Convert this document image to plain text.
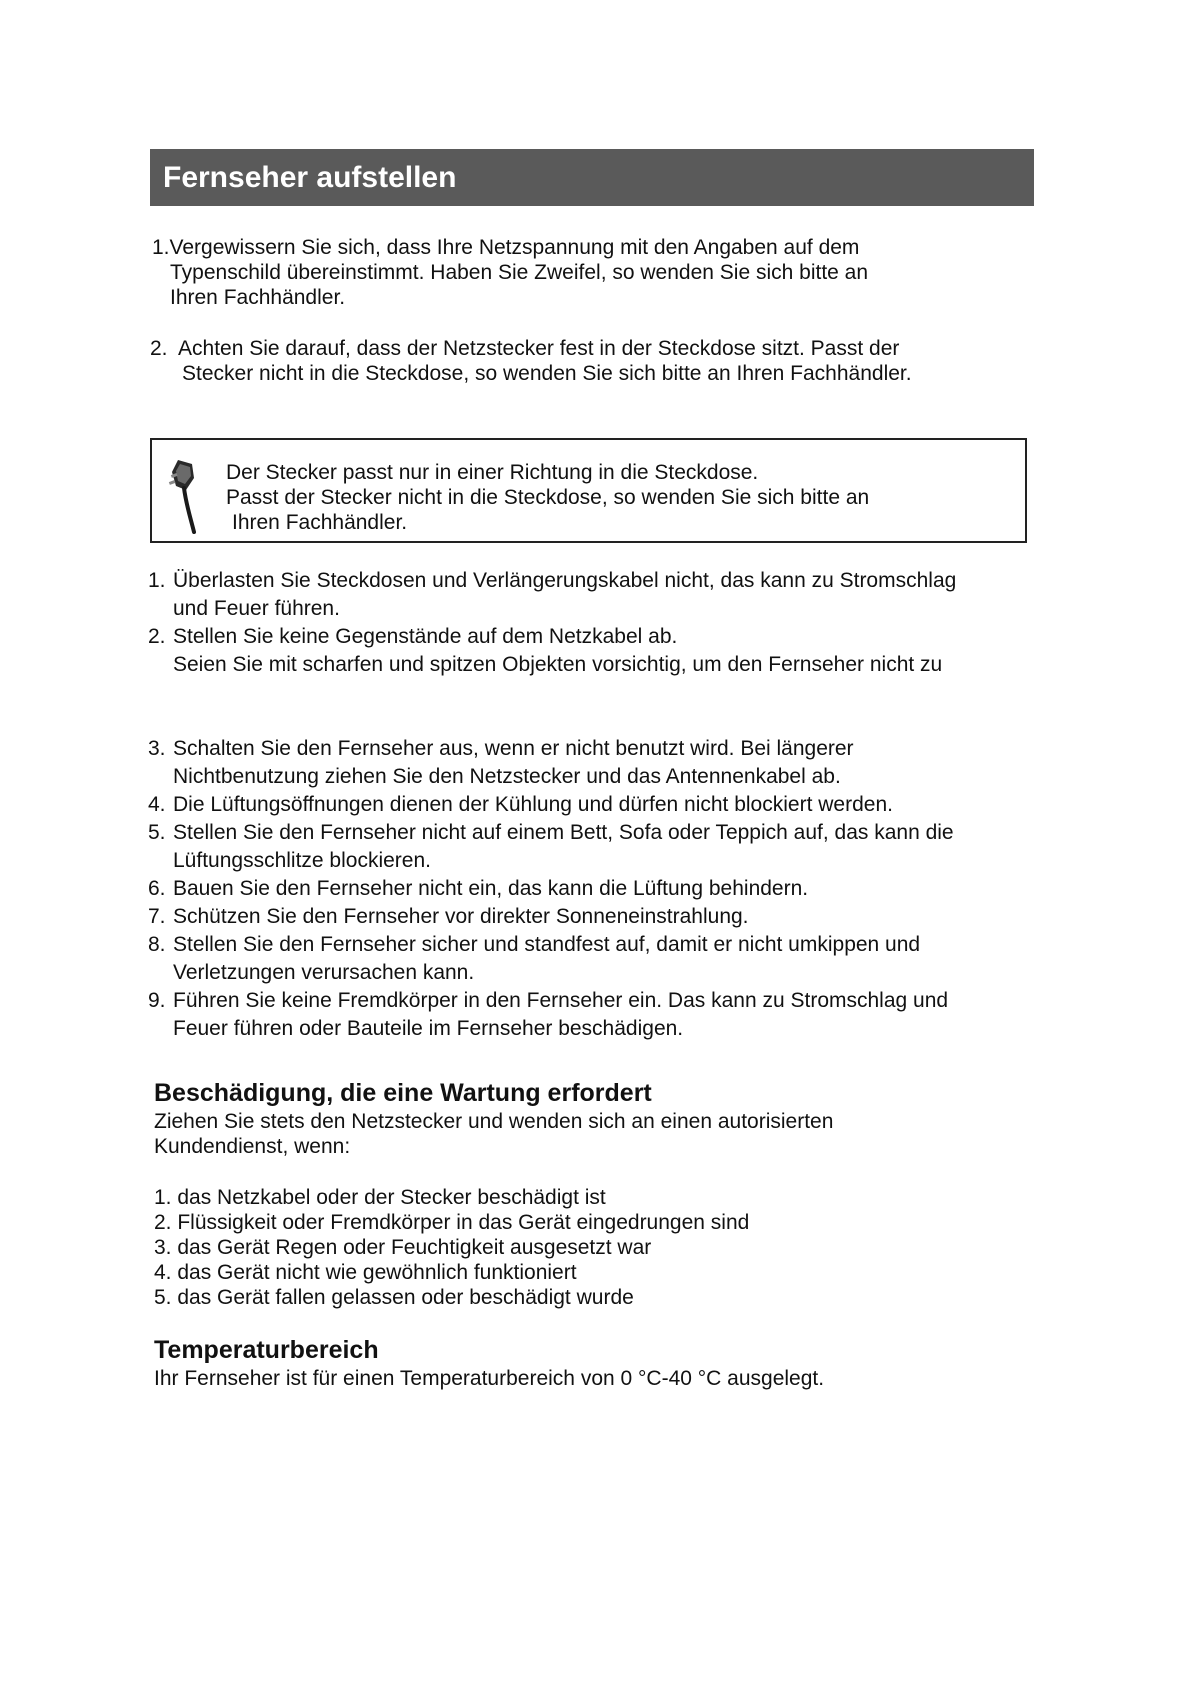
Fernseher aufstellen
1.Vergewissern Sie sich, dass Ihre Netzspannung mit den Angaben auf dem
Typenschild übereinstimmt. Haben Sie Zweifel, so wenden Sie sich bitte an
Ihren Fachhändler.
2.  Achten Sie darauf, dass der Netzstecker fest in der Steckdose sitzt. Passt der
Stecker nicht in die Steckdose, so wenden Sie sich bitte an Ihren Fachhändler.
Der Stecker passt nur in einer Richtung in die Steckdose.
Passt der Stecker nicht in die Steckdose, so wenden Sie sich bitte an
Ihren Fachhändler.
1. Überlasten Sie Steckdosen und Verlängerungskabel nicht, das kann zu Stromschlag
und Feuer führen.
2. Stellen Sie keine Gegenstände auf dem Netzkabel ab.
Seien Sie mit scharfen und spitzen Objekten vorsichtig, um den Fernseher nicht zu
3. Schalten Sie den Fernseher aus, wenn er nicht benutzt wird. Bei längerer
Nichtbenutzung ziehen Sie den Netzstecker und das Antennenkabel ab.
4. Die Lüftungsöffnungen dienen der Kühlung und dürfen nicht blockiert werden.
5. Stellen Sie den Fernseher nicht auf einem Bett, Sofa oder Teppich auf, das kann die
Lüftungsschlitze blockieren.
6. Bauen Sie den Fernseher nicht ein, das kann die Lüftung behindern.
7. Schützen Sie den Fernseher vor direkter Sonneneinstrahlung.
8. Stellen Sie den Fernseher sicher und standfest auf, damit er nicht umkippen und
Verletzungen verursachen kann.
9. Führen Sie keine Fremdkörper in den Fernseher ein. Das kann zu Stromschlag und
Feuer führen oder Bauteile im Fernseher beschädigen.
Beschädigung, die eine Wartung erfordert
Ziehen Sie stets den Netzstecker und wenden sich an einen autorisierten
Kundendienst, wenn:
1. das Netzkabel oder der Stecker beschädigt ist
2. Flüssigkeit oder Fremdkörper in das Gerät eingedrungen sind
3. das Gerät Regen oder Feuchtigkeit ausgesetzt war
4. das Gerät nicht wie gewöhnlich funktioniert
5. das Gerät fallen gelassen oder beschädigt wurde
Temperaturbereich
Ihr Fernseher ist für einen Temperaturbereich von 0 °C-40 °C ausgelegt.
